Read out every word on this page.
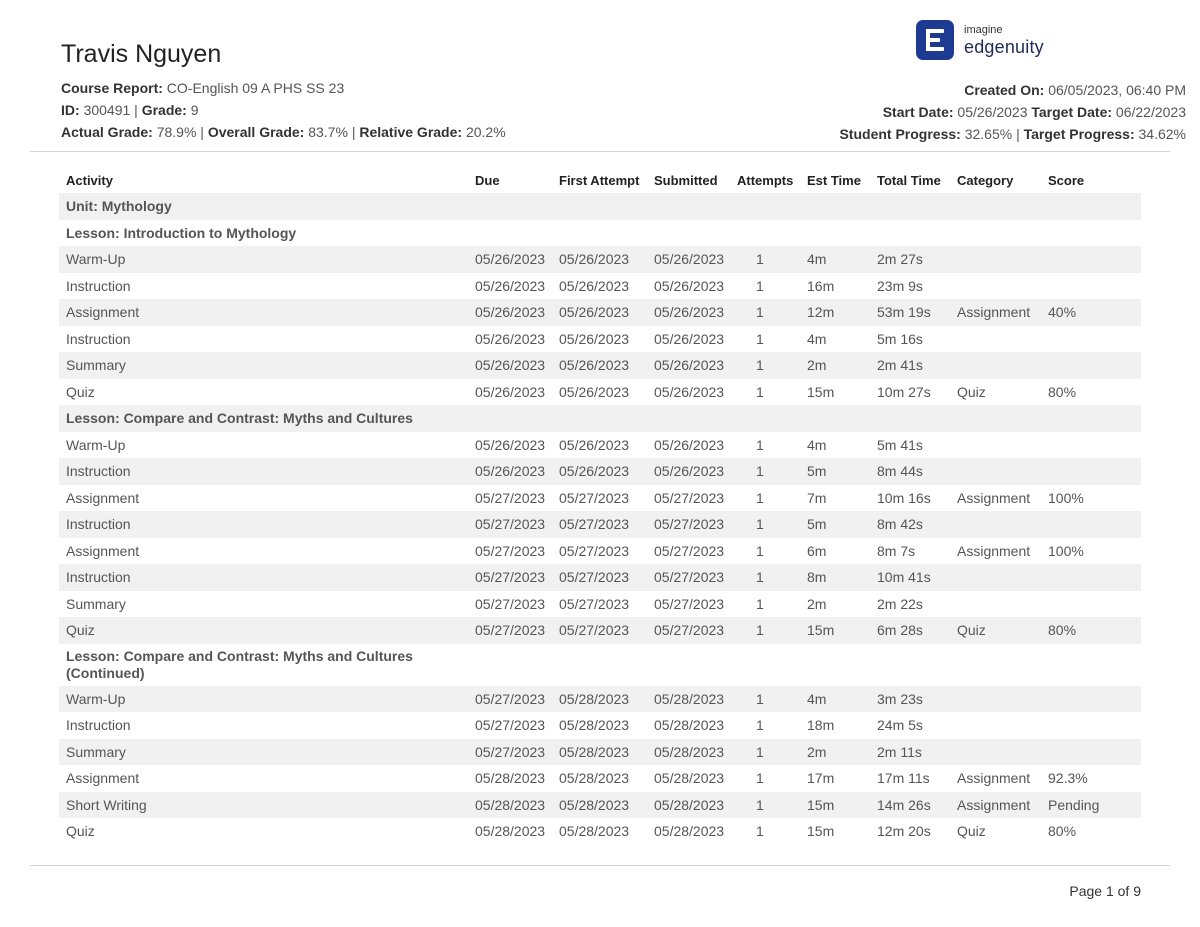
Travis Nguyen
Course Report: CO-English 09 A PHS SS 23
ID: 300491 | Grade: 9
Actual Grade: 78.9% | Overall Grade: 83.7% | Relative Grade: 20.2%
imagine
edgenuity
Created On: 06/05/2023, 06:40 PM
Start Date: 05/26/2023 Target Date: 06/22/2023
Student Progress: 32.65% | Target Progress: 34.62%
Activity	Due	First Attempt	Submitted	Attempts	Est Time	Total Time	Category	Score
Unit: Mythology								
Lesson: Introduction to Mythology								
Warm-Up	05/26/2023	05/26/2023	05/26/2023	1	4m	2m 27s		
Instruction	05/26/2023	05/26/2023	05/26/2023	1	16m	23m 9s		
Assignment	05/26/2023	05/26/2023	05/26/2023	1	12m	53m 19s	Assignment	40%
Instruction	05/26/2023	05/26/2023	05/26/2023	1	4m	5m 16s		
Summary	05/26/2023	05/26/2023	05/26/2023	1	2m	2m 41s		
Quiz	05/26/2023	05/26/2023	05/26/2023	1	15m	10m 27s	Quiz	80%
Lesson: Compare and Contrast: Myths and Cultures								
Warm-Up	05/26/2023	05/26/2023	05/26/2023	1	4m	5m 41s		
Instruction	05/26/2023	05/26/2023	05/26/2023	1	5m	8m 44s		
Assignment	05/27/2023	05/27/2023	05/27/2023	1	7m	10m 16s	Assignment	100%
Instruction	05/27/2023	05/27/2023	05/27/2023	1	5m	8m 42s		
Assignment	05/27/2023	05/27/2023	05/27/2023	1	6m	8m 7s	Assignment	100%
Instruction	05/27/2023	05/27/2023	05/27/2023	1	8m	10m 41s		
Summary	05/27/2023	05/27/2023	05/27/2023	1	2m	2m 22s		
Quiz	05/27/2023	05/27/2023	05/27/2023	1	15m	6m 28s	Quiz	80%
Lesson: Compare and Contrast: Myths and Cultures (Continued)								
Warm-Up	05/27/2023	05/28/2023	05/28/2023	1	4m	3m 23s		
Instruction	05/27/2023	05/28/2023	05/28/2023	1	18m	24m 5s		
Summary	05/27/2023	05/28/2023	05/28/2023	1	2m	2m 11s		
Assignment	05/28/2023	05/28/2023	05/28/2023	1	17m	17m 11s	Assignment	92.3%
Short Writing	05/28/2023	05/28/2023	05/28/2023	1	15m	14m 26s	Assignment	Pending
Quiz	05/28/2023	05/28/2023	05/28/2023	1	15m	12m 20s	Quiz	80%
Page 1 of 9
